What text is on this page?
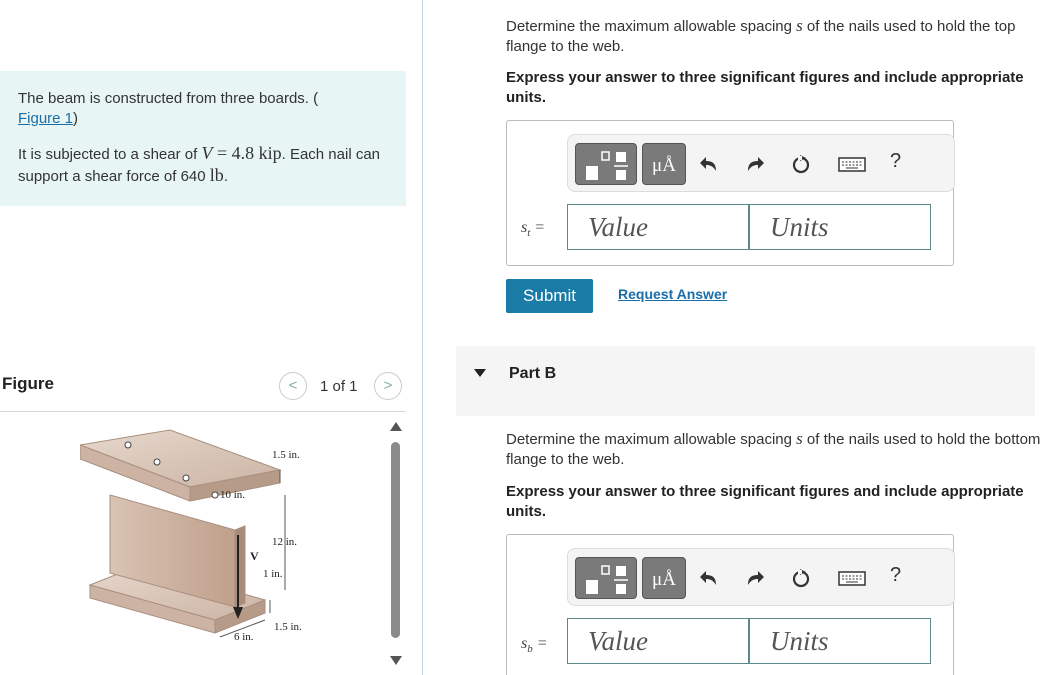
The beam is constructed from three boards. (
Figure 1)

It is subjected to a shear of V = 4.8 kip. Each nail can support a shear force of 640 lb.

Figure	<	1 of 1	>
1.5 in.
10 in.
12 in.
V
1 in.
1.5 in.
6 in.
Determine the maximum allowable spacing s of the nails used to hold the top flange to the web.
Express your answer to three significant figures and include appropriate units.
μÅ	?
$s_t$ =
Value
Units
Submit	Request Answer
Part B
Determine the maximum allowable spacing s of the nails used to hold the bottom flange to the web.
Express your answer to three significant figures and include appropriate units.
μÅ	?
$s_b$ =
Value
Units
